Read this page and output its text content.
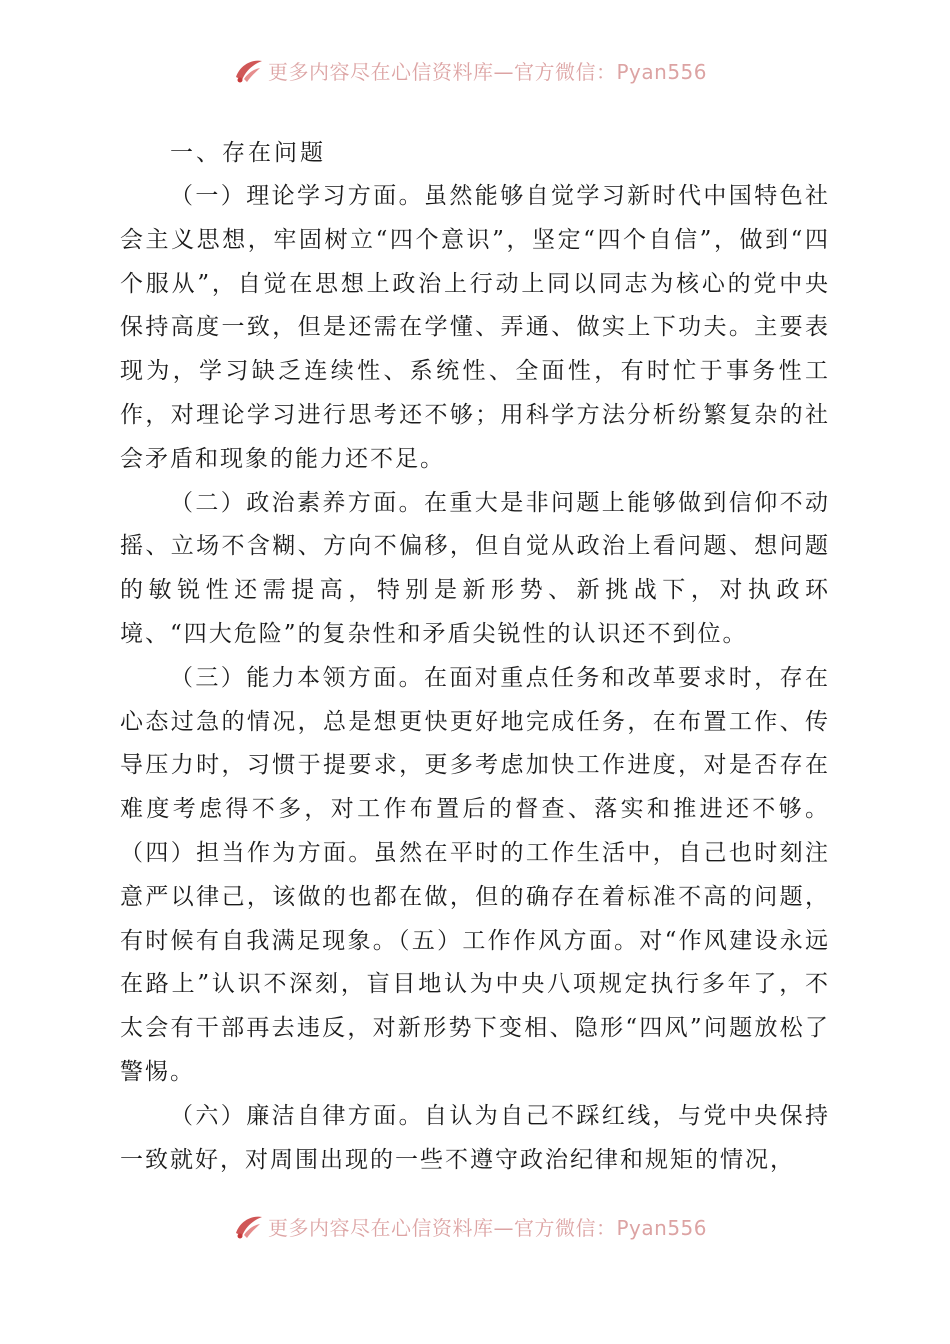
更多内容尽在心信资料库—官方微信：Pyan556
一、存在问题

（一）理论学习方面。虽然能够自觉学习新时代中国特色社会主义思想，牢固树立“四个意识”，坚定“四个自信”，做到“四个服从”，自觉在思想上政治上行动上同以同志为核心的党中央保持高度一致，但是还需在学懂、弄通、做实上下功夫。主要表现为，学习缺乏连续性、系统性、全面性，有时忙于事务性工作，对理论学习进行思考还不够；用科学方法分析纷繁复杂的社会矛盾和现象的能力还不足。

（二）政治素养方面。在重大是非问题上能够做到信仰不动摇、立场不含糊、方向不偏移，但自觉从政治上看问题、想问题的敏锐性还需提高，特别是新形势、新挑战下，对执政环境、“四大危险”的复杂性和矛盾尖锐性的认识还不到位。

（三）能力本领方面。在面对重点任务和改革要求时，存在心态过急的情况，总是想更快更好地完成任务，在布置工作、传导压力时，习惯于提要求，更多考虑加快工作进度，对是否存在难度考虑得不多，对工作布置后的督查、落实和推进还不够。（四）担当作为方面。虽然在平时的工作生活中，自己也时刻注意严以律己，该做的也都在做，但的确存在着标准不高的问题，有时候有自我满足现象。（五）工作作风方面。对“作风建设永远在路上”认识不深刻，盲目地认为中央八项规定执行多年了，不太会有干部再去违反，对新形势下变相、隐形“四风”问题放松了警惕。

（六）廉洁自律方面。自认为自己不踩红线，与党中央保持一致就好，对周围出现的一些不遵守政治纪律和规矩的情况，

更多内容尽在心信资料库—官方微信：Pyan556
